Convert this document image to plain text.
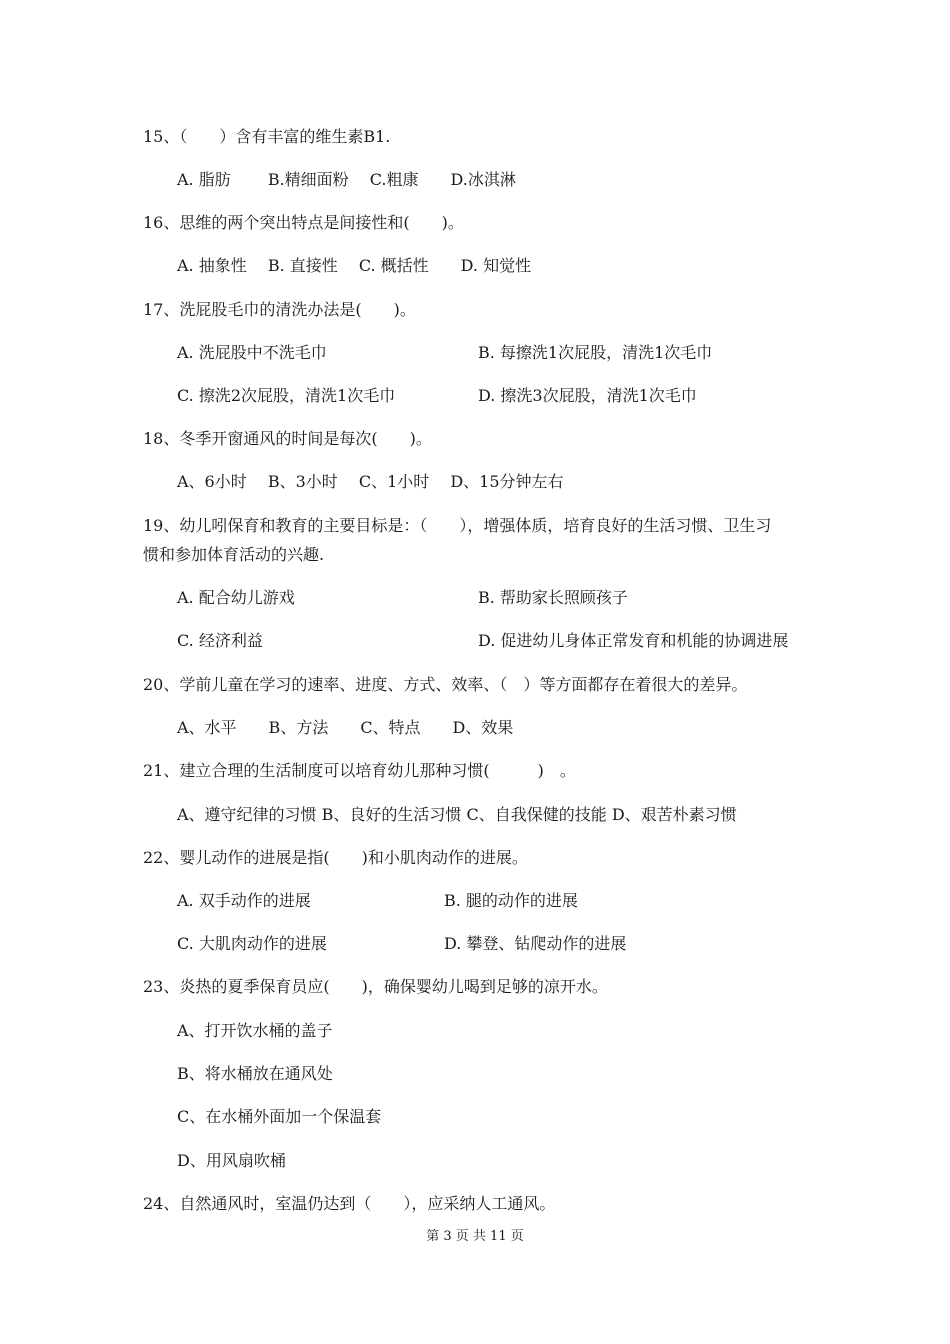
15、（　　）含有丰富的维生素B1.
A. 脂肪　　 B.精细面粉　 C.粗康　　D.冰淇淋
16、思维的两个突出特点是间接性和(　　)。
A. 抽象性　 B. 直接性　 C. 概括性　　D. 知觉性
17、洗屁股毛巾的清洗办法是(　　)。
A. 洗屁股中不洗毛巾	B. 每擦洗1次屁股，清洗1次毛巾
C. 擦洗2次屁股，清洗1次毛巾	D. 擦洗3次屁股，清洗1次毛巾
18、冬季开窗通风的时间是每次(　　)。
A、6小时　 B、3小时　 C、1小时　 D、15分钟左右
19、幼儿吲保育和教育的主要目标是：（　　），增强体质，培育良好的生活习惯、卫生习
惯和参加体育活动的兴趣.
A. 配合幼儿游戏	B. 帮助家长照顾孩子
C. 经济利益	D. 促进幼儿身体正常发育和机能的协调进展
20、学前儿童在学习的速率、进度、方式、效率、（　）等方面都存在着很大的差异。
A、水平　　B、方法　　C、特点　　D、效果
21、建立合理的生活制度可以培育幼儿那种习惯(　　　)　。
A、遵守纪律的习惯 B、良好的生活习惯 C、自我保健的技能 D、艰苦朴素习惯
22、婴儿动作的进展是指(　　)和小肌肉动作的进展。
A. 双手动作的进展	B. 腿的动作的进展
C. 大肌肉动作的进展	D. 攀登、钻爬动作的进展
23、炎热的夏季保育员应(　　)，确保婴幼儿喝到足够的凉开水。
A、打开饮水桶的盖子
B、将水桶放在通风处
C、在水桶外面加一个保温套
D、用风扇吹桶
24、自然通风时，室温仍达到（　　），应采纳人工通风。
第 3 页 共 11 页
